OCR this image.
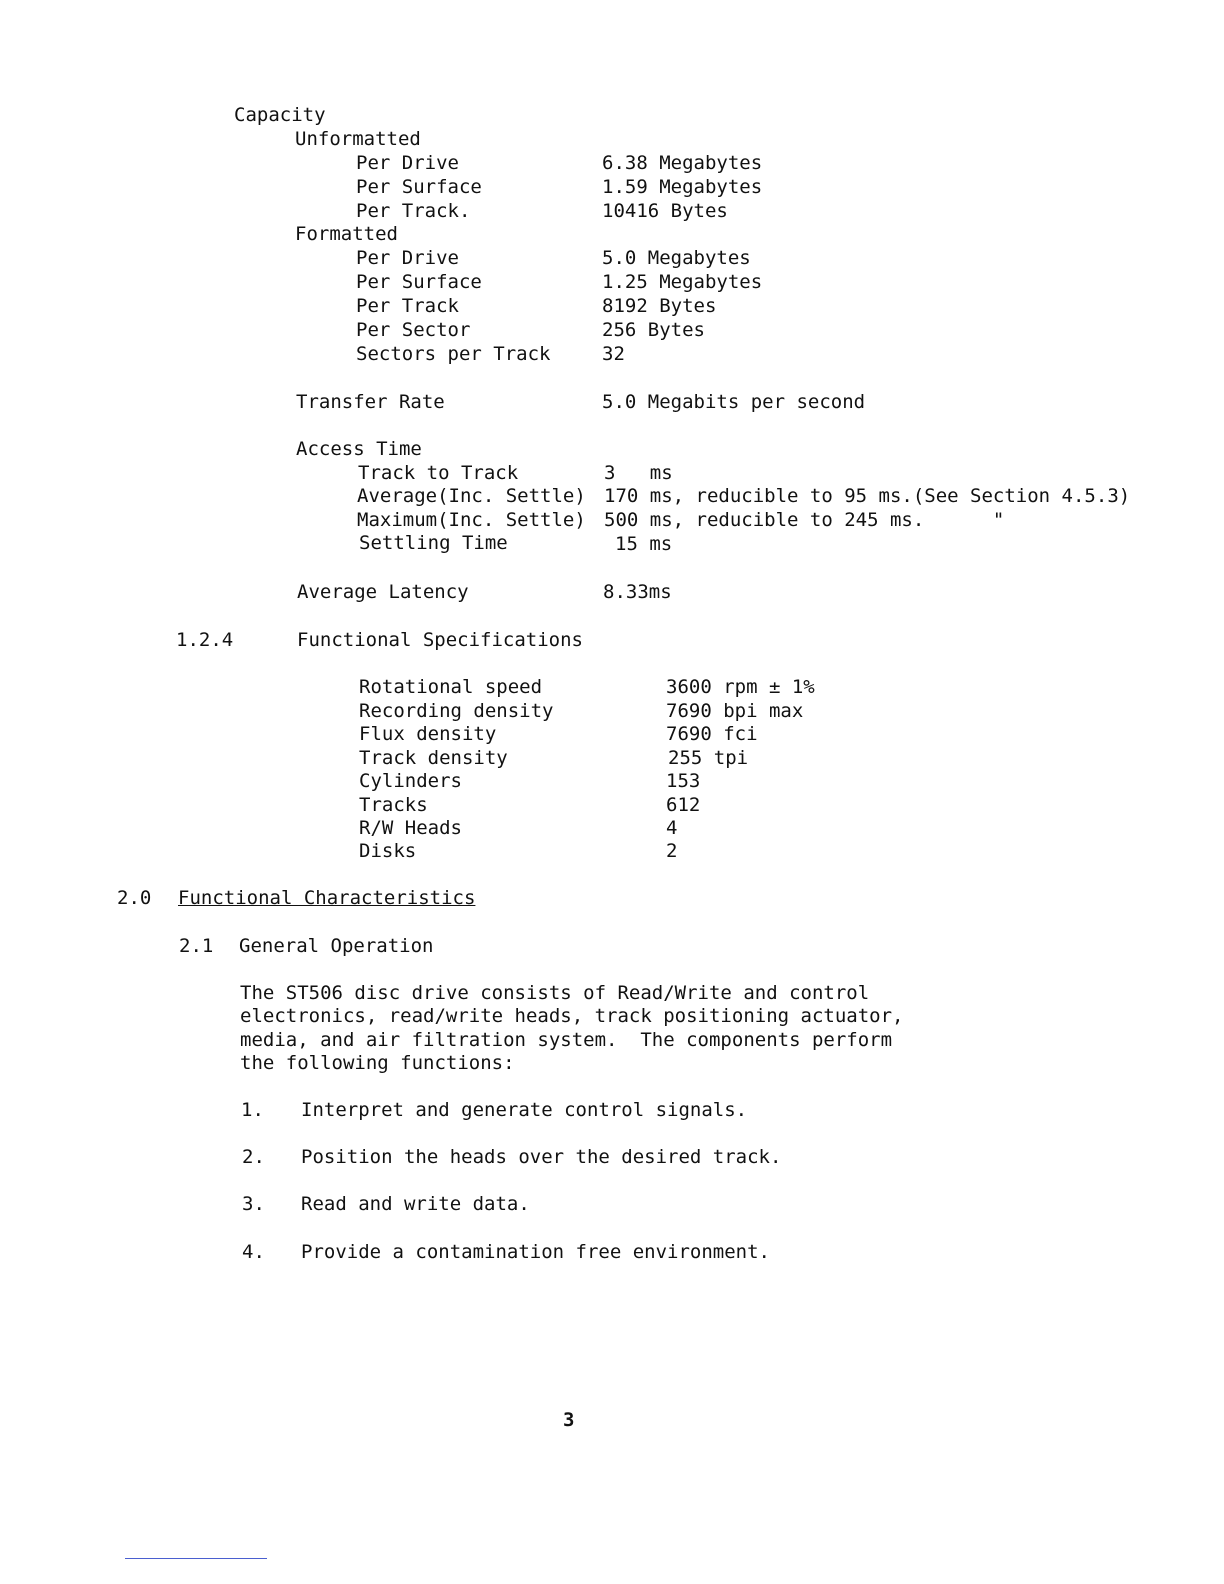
Capacity
Unformatted
Per Drive	6.38 Megabytes
Per Surface	1.59 Megabytes
Per Track.	10416 Bytes
Formatted
Per Drive	5.0 Megabytes
Per Surface	1.25 Megabytes
Per Track	8192 Bytes
Per Sector	256 Bytes
Sectors per Track	32
Transfer Rate	5.0 Megabits per second
Access Time
Track to Track	3   ms
Average(Inc. Settle) 170 ms, reducible to 95 ms.(See Section 4.5.3)
Maximum(Inc. Settle) 500 ms, reducible to 245 ms.      "
Settling Time	15 ms
Average Latency	8.33ms
1.2.4	Functional Specifications
Rotational speed	3600 rpm ± 1%
Recording density	7690 bpi max
Flux density	7690 fci
Track density	255 tpi
Cylinders	153
Tracks	612
R/W Heads	4
Disks	2
2.0 Functional Characteristics
2.1 General Operation
The ST506 disc drive consists of Read/Write and control
electronics, read/write heads, track positioning actuator,
media, and air filtration system.  The components perform
the following functions:
1. Interpret and generate control signals.
2. Position the heads over the desired track.
3. Read and write data.
4. Provide a contamination free environment.
3
